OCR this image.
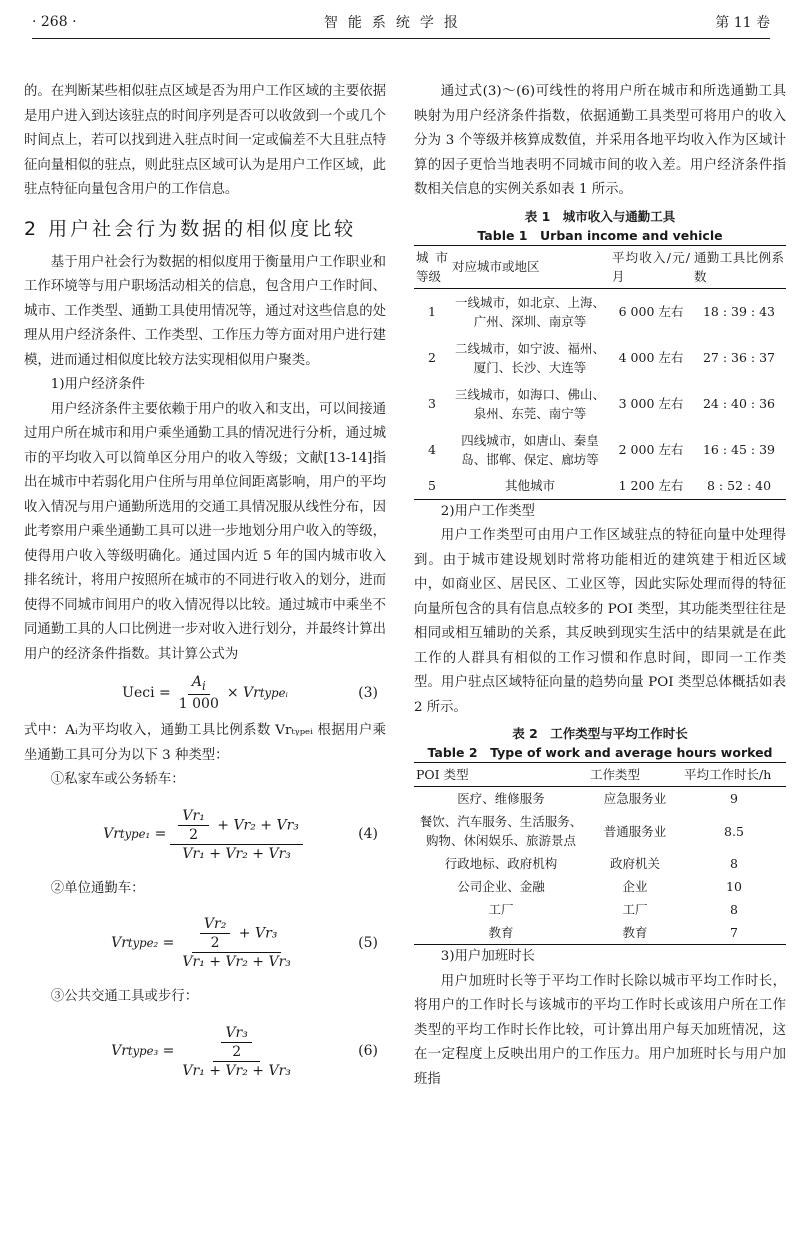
· 268 ·	智能系统学报	第 11 卷

的。在判断某些相似驻点区域是否为用户工作区域的主要依据是用户进入到达该驻点的时间序列是否可以收敛到一个或几个时间点上，若可以找到进入驻点时间一定或偏差不大且驻点特征向量相似的驻点，则此驻点区域可认为是用户工作区域，此驻点特征向量包含用户的工作信息。

2 用户社会行为数据的相似度比较

基于用户社会行为数据的相似度用于衡量用户工作职业和工作环境等与用户职场活动相关的信息，包含用户工作时间、城市、工作类型、通勤工具使用情况等，通过对这些信息的处理从用户经济条件、工作类型、工作压力等方面对用户进行建模，进而通过相似度比较方法实现相似用户聚类。

1)用户经济条件

用户经济条件主要依赖于用户的收入和支出，可以间接通过用户所在城市和用户乘坐通勤工具的情况进行分析，通过城市的平均收入可以简单区分用户的收入等级；文献[13-14]指出在城市中若弱化用户住所与用单位间距离影响，用户的平均收入情况与用户通勤所选用的交通工具情况服从线性分布，因此考察用户乘坐通勤工具可以进一步地划分用户收入的等级，使得用户收入等级明确化。通过国内近 5 年的国内城市收入排名统计，将用户按照所在城市的不同进行收入的划分，进而使得不同城市间用户的收入情况得以比较。通过城市中乘坐不同通勤工具的人口比例进一步对收入进行划分，并最终计算出用户的经济条件指数。其计算公式为

Ueci = $\frac{A_i}{1 000} \times Vr$ typeᵢ	(3)

式中：Aᵢ为平均收入，通勤工具比例系数 Vrₜᵧₚₑᵢ 根据用户乘坐通勤工具可分为以下 3 种类型：

①私家车或公务轿车：

Vr type₁ = $\frac{\frac{\text{Vr₁}}{2} + Vr_2 + Vr_3}{\text{Vr₁ + Vr₂ + Vr₃}}$	(4)

②单位通勤车：

Vr type₂ = $\frac{\frac{\text{Vr₂}}{2} + Vr_3}{\text{Vr₁ + Vr₂ + Vr₃}}$	(5)

③公共交通工具或步行：

Vr type₃ = $\frac{\frac{\text{Vr₃}}{2}}{\text{Vr₁ + Vr₂ + Vr₃}}$	(6)

通过式(3)～(6)可线性的将用户所在城市和所选通勤工具映射为用户经济条件指数，依据通勤工具类型可将用户的收入分为 3 个等级并核算成数值，并采用各地平均收入作为区域计算的因子更恰当地表明不同城市间的收入差。用户经济条件指数相关信息的实例关系如表 1 所示。

表 1　城市收入与通勤工具
Table 1　Urban income and vehicle
城市等级	对应城市或地区	平均收入/元/月	通勤工具比例系数
1	一线城市，如北京、上海、广州、深圳、南京等	6 000 左右	18 : 39 : 43
2	二线城市，如宁波、福州、厦门、长沙、大连等	4 000 左右	27 : 36 : 37
3	三线城市，如海口、佛山、泉州、东莞、南宁等	3 000 左右	24 : 40 : 36
4	四线城市，如唐山、秦皇岛、邯郸、保定、廊坊等	2 000 左右	16 : 45 : 39
5	其他城市	1 200 左右	8 : 52 : 40

2)用户工作类型

用户工作类型可由用户工作区域驻点的特征向量中处理得到。由于城市建设规划时常将功能相近的建筑建于相近区域中，如商业区、居民区、工业区等，因此实际处理而得的特征向量所包含的具有信息点较多的 POI 类型，其功能类型往往是相同或相互辅助的关系，其反映到现实生活中的结果就是在此工作的人群具有相似的工作习惯和作息时间，即同一工作类型。用户驻点区域特征向量的趋势向量 POI 类型总体概括如表 2 所示。

表 2　工作类型与平均工作时长
Table 2　Type of work and average hours worked
POI 类型	工作类型	平均工作时长/h
医疗、维修服务	应急服务业	9
餐饮、汽车服务、生活服务、购物、休闲娱乐、旅游景点	普通服务业	8.5
行政地标、政府机构	政府机关	8
公司企业、金融	企业	10
工厂	工厂	8
教育	教育	7

3)用户加班时长

用户加班时长等于平均工作时长除以城市平均工作时长，将用户的工作时长与该城市的平均工作时长或该用户所在工作类型的平均工作时长作比较，可计算出用户每天加班情况，这在一定程度上反映出用户的工作压力。用户加班时长与用户加班指
